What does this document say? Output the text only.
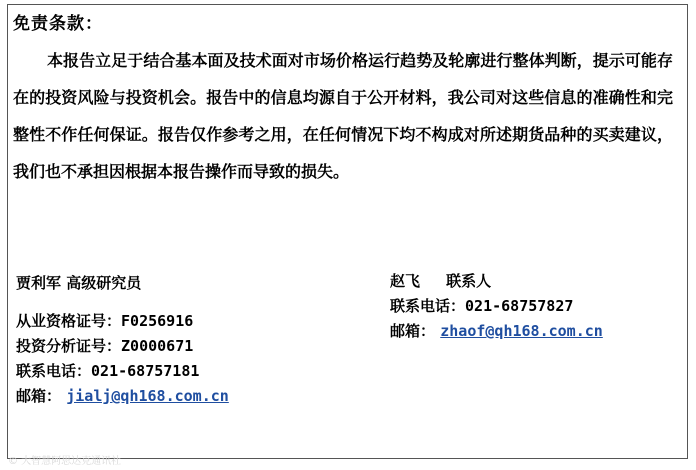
免责条款：
本报告立足于结合基本面及技术面对市场价格运行趋势及轮廓进行整体判断，提示可能存在的投资风险与投资机会。报告中的信息均源自于公开材料，我公司对这些信息的准确性和完整性不作任何保证。报告仅作参考之用，在任何情况下均不构成对所述期货品种的买卖建议，我们也不承担因根据本报告操作而导致的损失。
贾利军 高级研究员
从业资格证号：F0256916
投资分析证号：Z0000671
联系电话：021-68757181
邮箱： jialj@qh168.com.cn
赵飞 联系人
联系电话：021-68757827
邮箱： zhaof@qh168.com.cn
© 大智慧阿思达克通讯社
